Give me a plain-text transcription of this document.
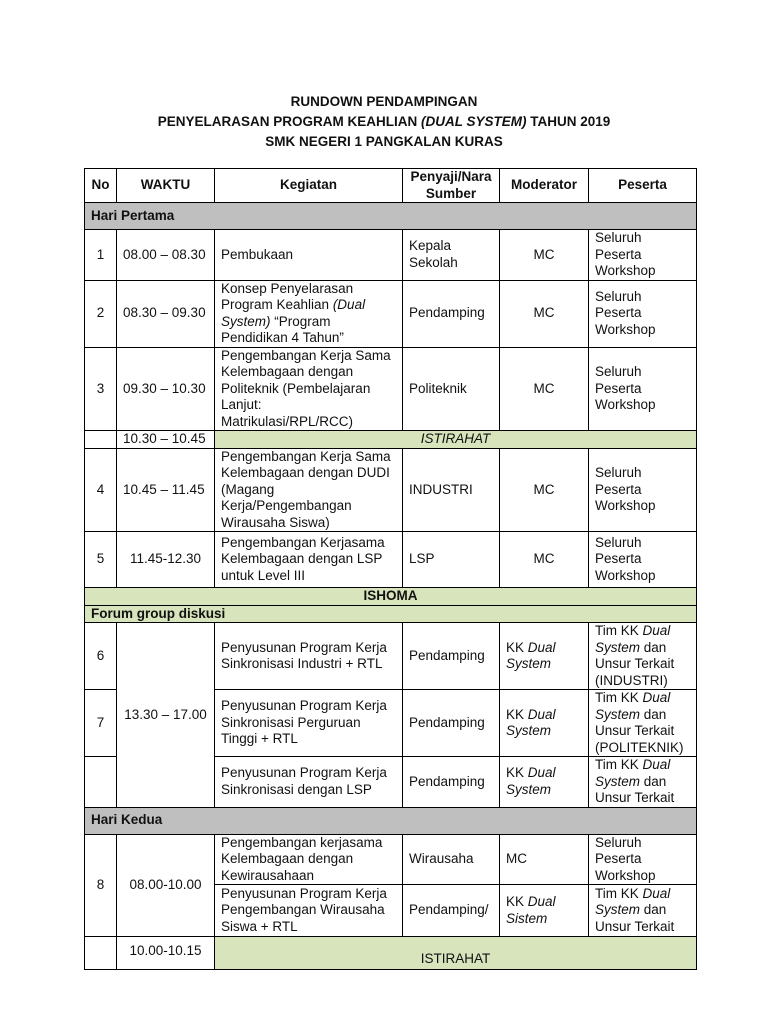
RUNDOWN PENDAMPINGAN
PENYELARASAN PROGRAM KEAHLIAN (DUAL SYSTEM) TAHUN 2019
SMK NEGERI 1 PANGKALAN KURAS
No	WAKTU	Kegiatan	Penyaji/Nara Sumber	Moderator	Peserta
Hari Pertama					
1	08.00 – 08.30	Pembukaan	Kepala Sekolah	MC	Seluruh Peserta Workshop
2	08.30 – 09.30	Konsep Penyelarasan Program Keahlian (Dual System) “Program Pendidikan 4 Tahun”	Pendamping	MC	Seluruh Peserta Workshop
3	09.30 – 10.30	Pengembangan Kerja Sama Kelembagaan dengan Politeknik (Pembelajaran Lanjut: Matrikulasi/RPL/RCC)	Politeknik	MC	Seluruh Peserta Workshop
	10.30 – 10.45	ISTIRAHAT			
4	10.45 – 11.45	Pengembangan Kerja Sama Kelembagaan dengan DUDI (Magang Kerja/Pengembangan Wirausaha Siswa)	INDUSTRI	MC	Seluruh Peserta Workshop
5	11.45-12.30	Pengembangan Kerjasama Kelembagaan dengan LSP untuk Level III	LSP	MC	Seluruh Peserta Workshop
ISHOMA					
Forum group diskusi					
6	13.30 – 17.00	Penyusunan Program Kerja Sinkronisasi Industri + RTL	Pendamping	KK Dual System	Tim KK Dual System dan Unsur Terkait (INDUSTRI)
7		Penyusunan Program Kerja Sinkronisasi Perguruan Tinggi + RTL	Pendamping	KK Dual System	Tim KK Dual System dan Unsur Terkait (POLITEKNIK)
		Penyusunan Program Kerja Sinkronisasi dengan LSP	Pendamping	KK Dual System	Tim KK Dual System dan Unsur Terkait
Hari Kedua					
8	08.00-10.00	Pengembangan kerjasama Kelembagaan dengan Kewirausahaan	Wirausaha	MC	Seluruh Peserta Workshop
		Penyusunan Program Kerja Pengembangan Wirausaha Siswa + RTL	Pendamping/	KK Dual Sistem	Tim KK Dual System dan Unsur Terkait
	10.00-10.15	ISTIRAHAT			
